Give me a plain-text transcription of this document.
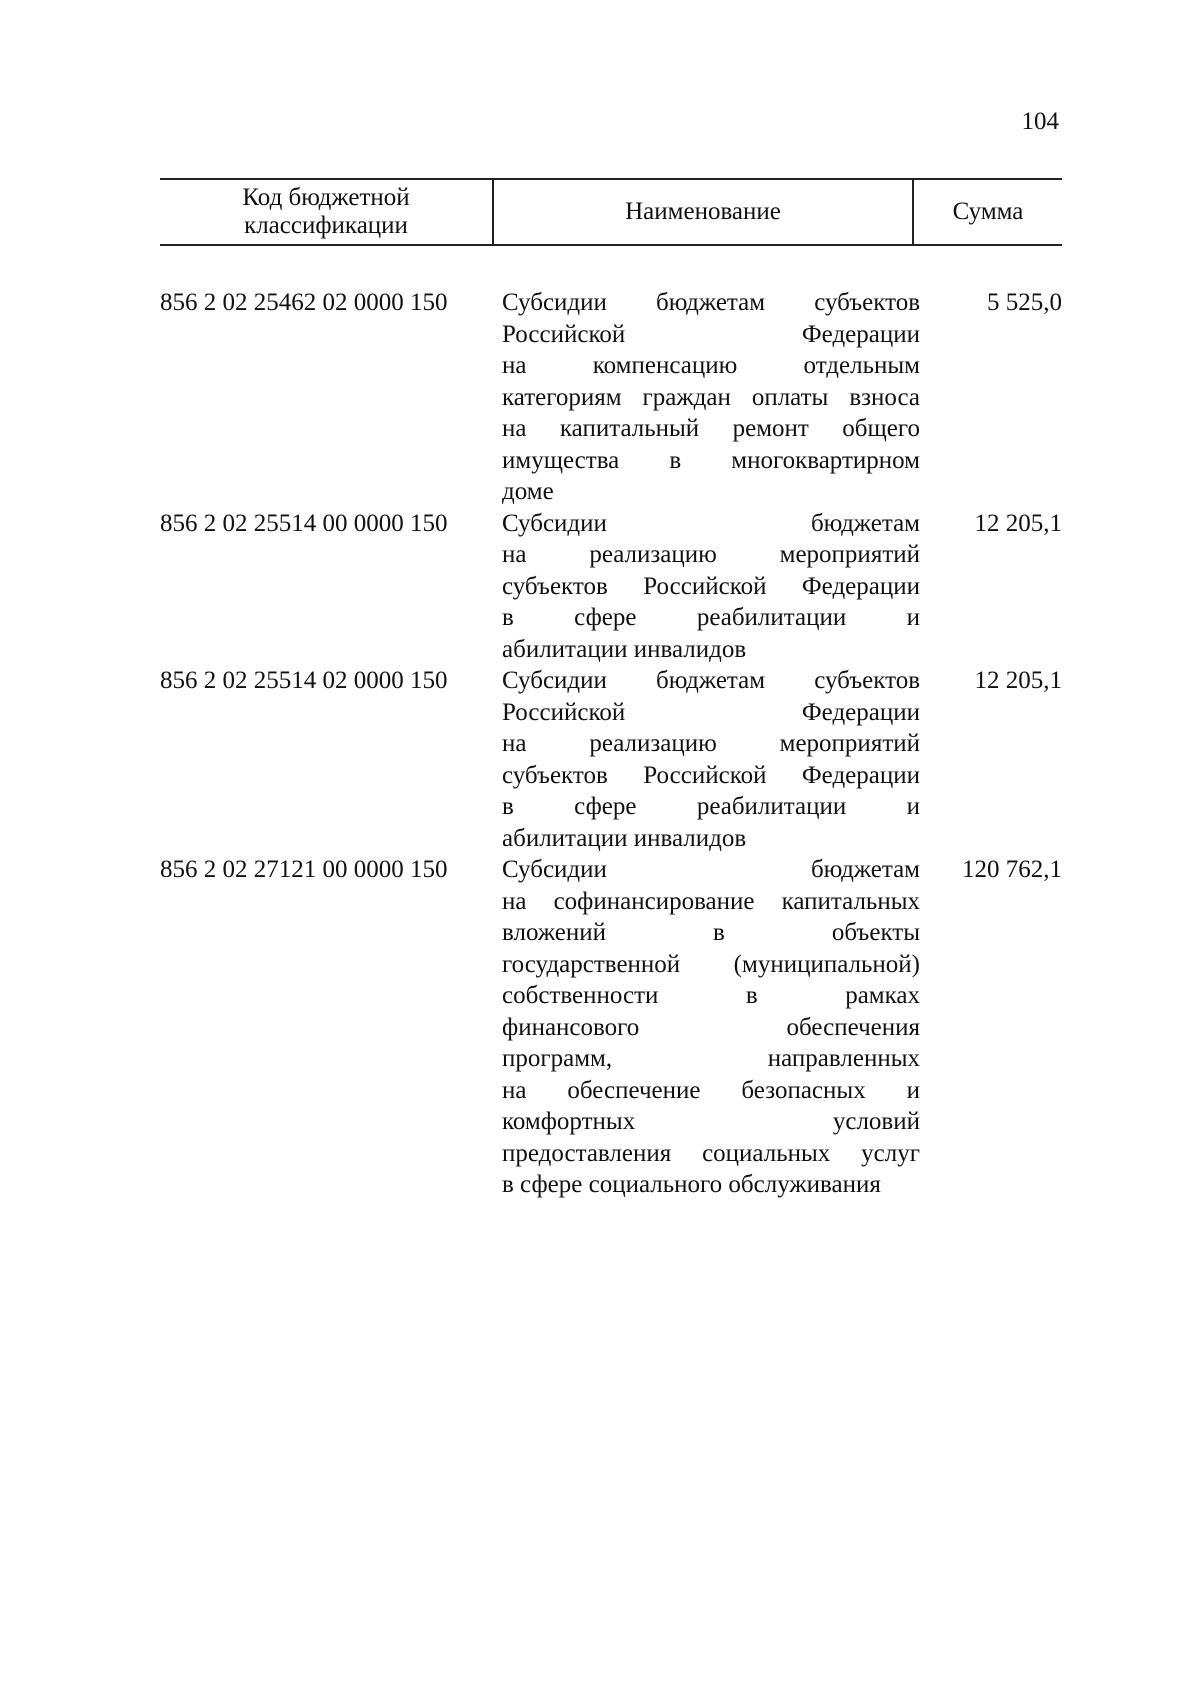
104
Код бюджетной
классификации
Наименование	Сумма
856 2 02 25462 02 0000 150	Субсидии бюджетам субъектов
Российской Федерации
на компенсацию отдельным
категориям граждан оплаты взноса
на капитальный ремонт общего
имущества в многоквартирном
доме
5 525,0
856 2 02 25514 00 0000 150	Субсидии бюджетам
на реализацию мероприятий
субъектов Российской Федерации
в сфере реабилитации и
абилитации инвалидов
12 205,1
856 2 02 25514 02 0000 150	Субсидии бюджетам субъектов
Российской Федерации
на реализацию мероприятий
субъектов Российской Федерации
в сфере реабилитации и
абилитации инвалидов
12 205,1
856 2 02 27121 00 0000 150	Субсидии бюджетам
на софинансирование капитальных
вложений в объекты
государственной (муниципальной)
собственности в рамках
финансового обеспечения
программ, направленных
на обеспечение безопасных и
комфортных условий
предоставления социальных услуг
в сфере социального обслуживания
120 762,1
